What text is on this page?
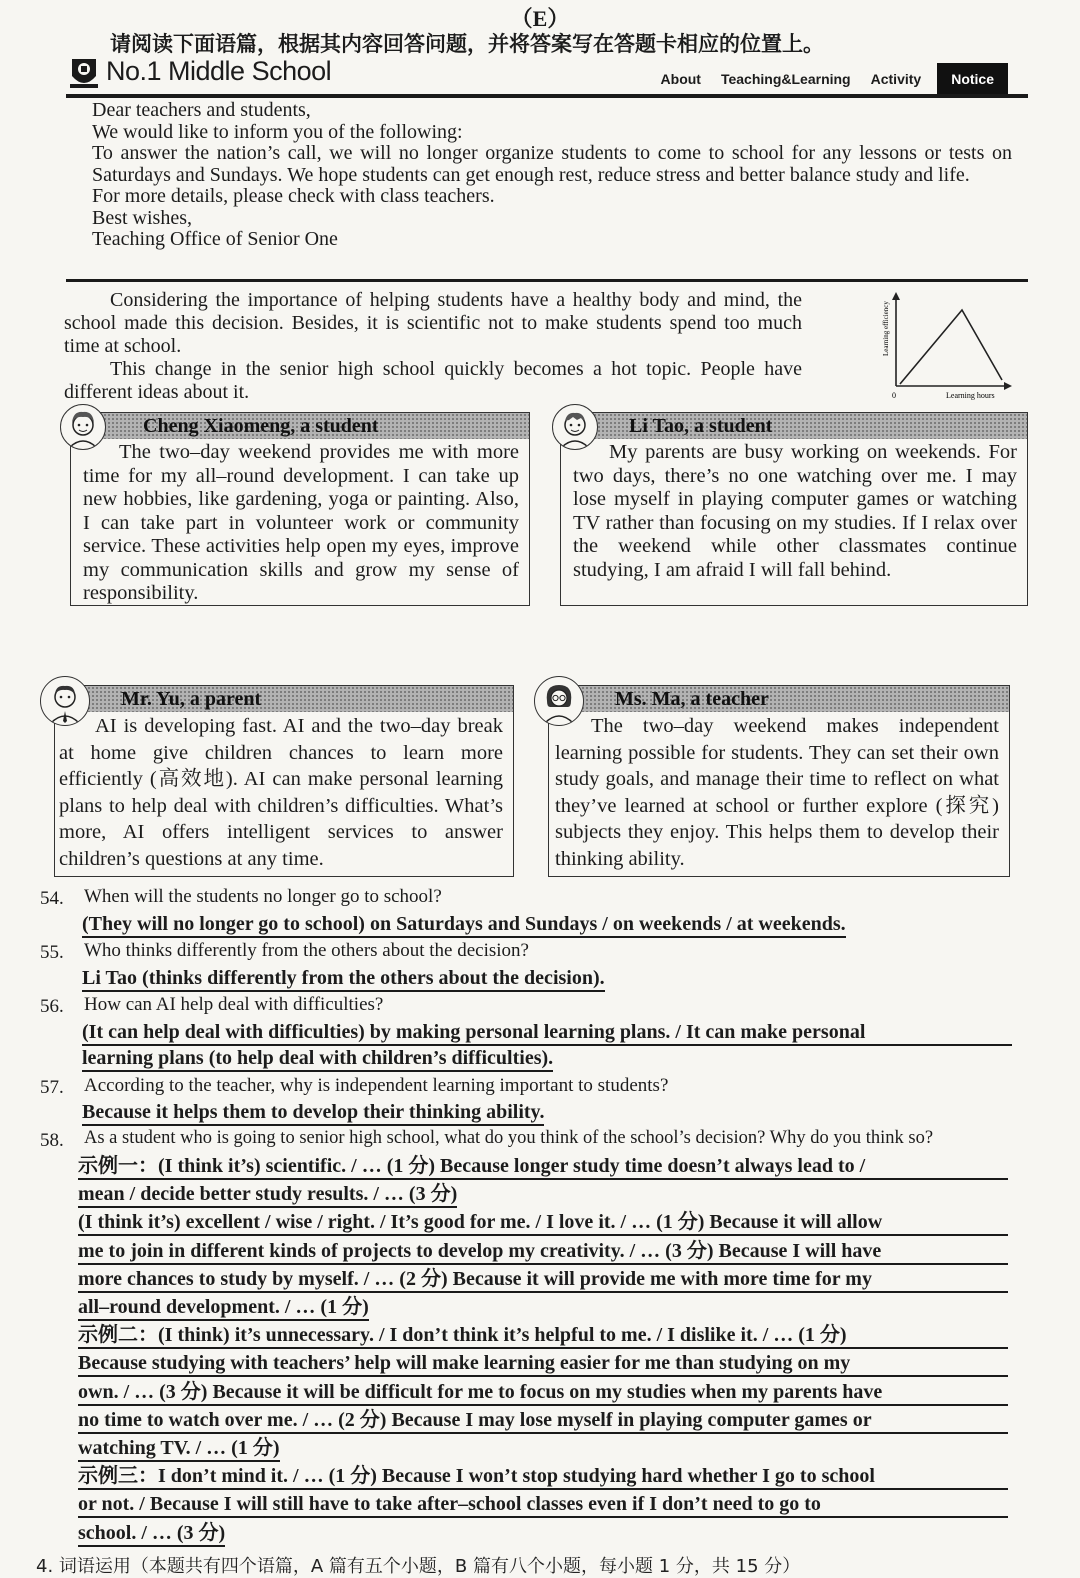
（E）
请阅读下面语篇，根据其内容回答问题，并将答案写在答题卡相应的位置上。
No.1 Middle School	About	Teaching&Learning	Activity	Notice
Dear teachers and students,
We would like to inform you of the following:
To answer the nation’s call, we will no longer organize students to come to school for any lessons or tests on Saturdays and Sundays. We hope students can get enough rest, reduce stress and better balance study and life.
For more details, please check with class teachers.
Best wishes,
Teaching Office of Senior One

Considering the importance of helping students have a healthy body and mind, the school made this decision. Besides, it is scientific not to make students spend too much time at school.

This change in the senior high school quickly becomes a hot topic. People have different ideas about it.	0	Learning hours
Learning efficiency
Cheng Xiaomeng, a student

The two–day weekend provides me with more time for my all–round development. I can take up new hobbies, like gardening, yoga or painting. Also, I can take part in volunteer work or community service. These activities help open my eyes, improve my communication skills and grow my sense of responsibility.

Li Tao, a student

My parents are busy working on weekends. For two days, there’s no one watching over me. I may lose myself in playing computer games or watching TV rather than focusing on my studies. If I relax over the weekend while other classmates continue studying, I am afraid I will fall behind.

Mr. Yu, a parent

AI is developing fast. AI and the two–day break at home give children chances to learn more efficiently (高效地). AI can make personal learning plans to help deal with children’s difficulties. What’s more, AI offers intelligent services to answer children’s questions at any time.

Ms. Ma, a teacher

The two–day weekend makes independent learning possible for students. They can set their own study goals, and manage their time to reflect on what they’ve learned at school or further explore (探究) subjects they enjoy. This helps them to develop their thinking ability.

54. When will the students no longer go to school?
(They will no longer go to school) on Saturdays and Sundays / on weekends / at weekends.
55. Who thinks differently from the others about the decision?
Li Tao (thinks differently from the others about the decision).
56. How can AI help deal with difficulties?
(It can help deal with difficulties) by making personal learning plans. / It can make personal
learning plans (to help deal with children’s difficulties).
57. According to the teacher, why is independent learning important to students?
Because it helps them to develop their thinking ability.
58. As a student who is going to senior high school, what do you think of the school’s decision? Why do you think so?
示例一：(I think it’s) scientific. / … (1 分) Because longer study time doesn’t always lead to /
mean / decide better study results. / … (3 分)
(I think it’s) excellent / wise / right. / It’s good for me. / I love it. / … (1 分) Because it will allow
me to join in different kinds of projects to develop my creativity. / … (3 分) Because I will have
more chances to study by myself. / … (2 分) Because it will provide me with more time for my
all–round development. / … (1 分)
示例二：(I think) it’s unnecessary. / I don’t think it’s helpful to me. / I dislike it. / … (1 分)
Because studying with teachers’ help will make learning easier for me than studying on my
own. / … (3 分) Because it will be difficult for me to focus on my studies when my parents have
no time to watch over me. / … (2 分) Because I may lose myself in playing computer games or
watching TV. / … (1 分)
示例三：I don’t mind it. / … (1 分) Because I won’t stop studying hard whether I go to school
or not. / Because I will still have to take after–school classes even if I don’t need to go to
school. / … (3 分)
4. 词语运用（本题共有四个语篇，A 篇有五个小题，B 篇有八个小题，每小题 1 分，共 15 分）
